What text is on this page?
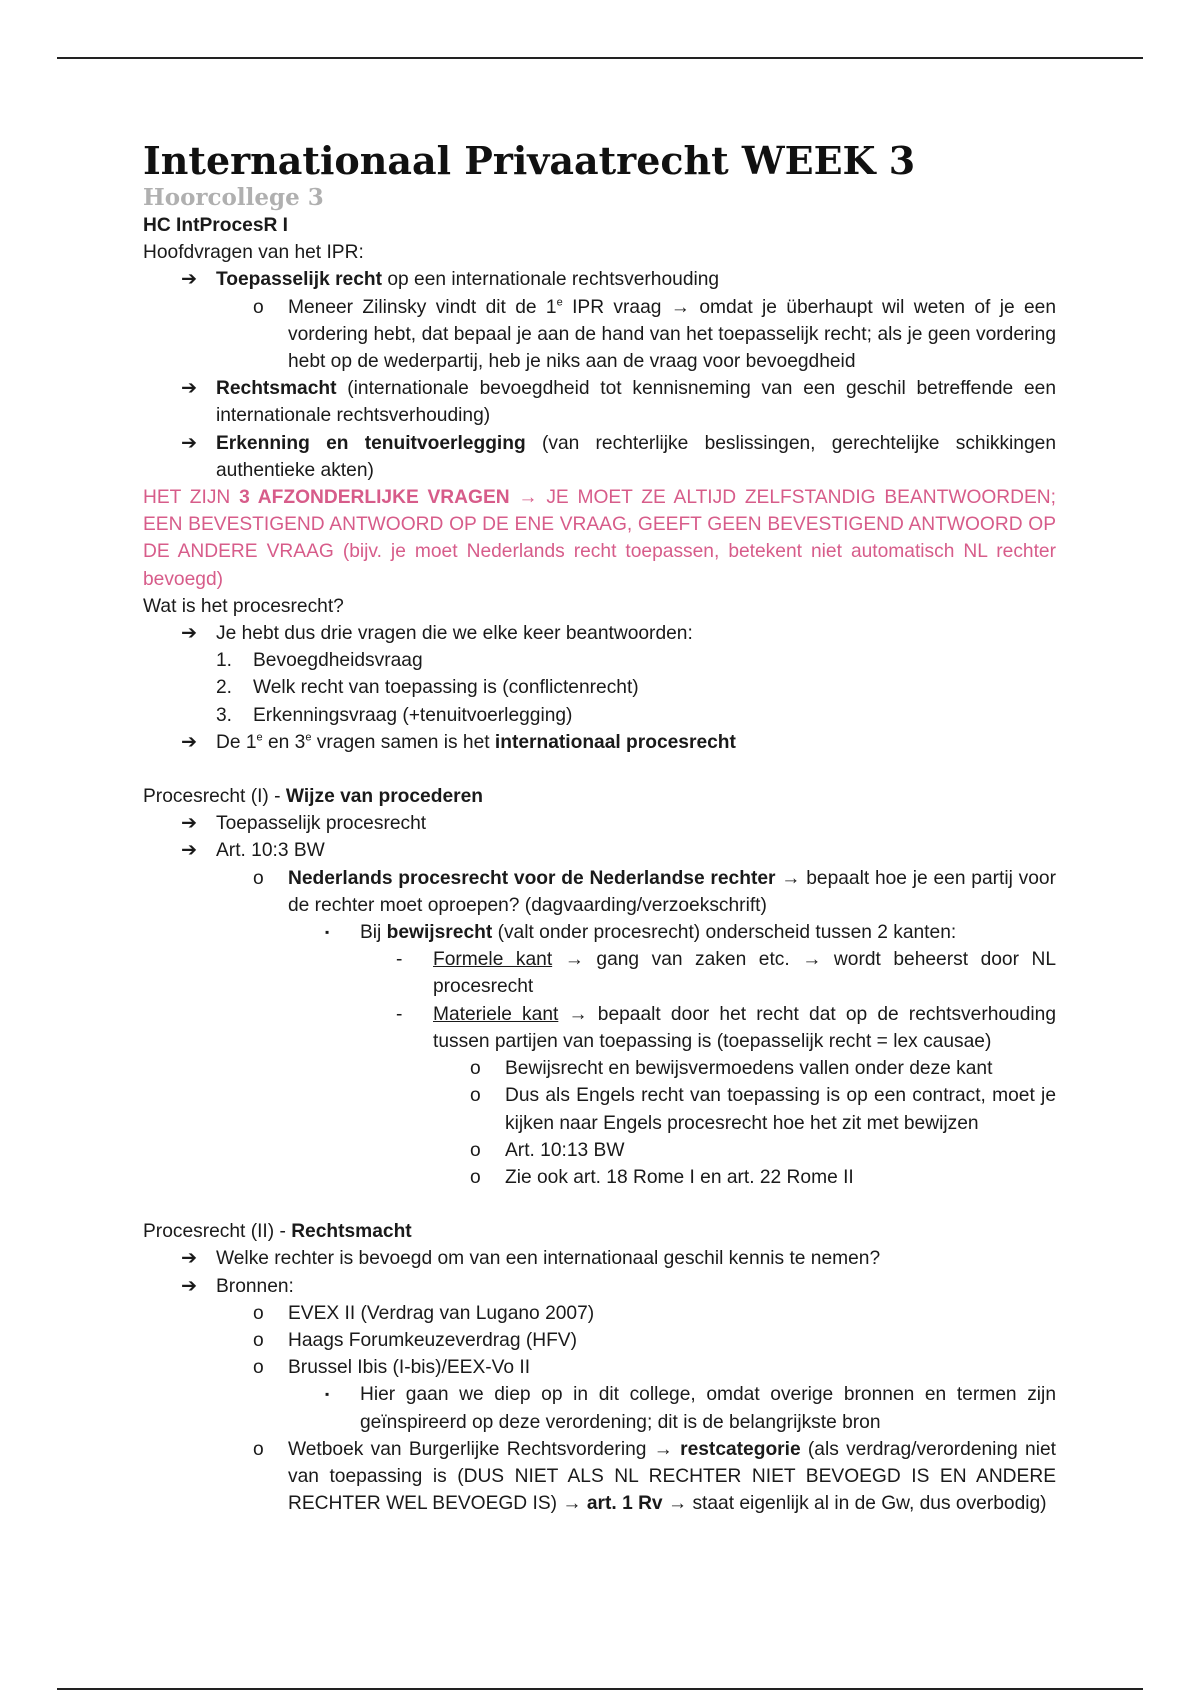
Internationaal Privaatrecht WEEK 3
Hoorcollege 3
HC IntProcesR I
Hoofdvragen van het IPR:
➔ Toepasselijk recht op een internationale rechtsverhouding
o Meneer Zilinsky vindt dit de 1e IPR vraag → omdat je überhaupt wil weten of je een vordering hebt, dat bepaal je aan de hand van het toepasselijk recht; als je geen vordering hebt op de wederpartij, heb je niks aan de vraag voor bevoegdheid
➔ Rechtsmacht (internationale bevoegdheid tot kennisneming van een geschil betreffende een internationale rechtsverhouding)
➔ Erkenning en tenuitvoerlegging (van rechterlijke beslissingen, gerechtelijke schikkingen authentieke akten)
HET ZIJN 3 AFZONDERLIJKE VRAGEN → JE MOET ZE ALTIJD ZELFSTANDIG BEANTWOORDEN; EEN BEVESTIGEND ANTWOORD OP DE ENE VRAAG, GEEFT GEEN BEVESTIGEND ANTWOORD OP DE ANDERE VRAAG (bijv. je moet Nederlands recht toepassen, betekent niet automatisch NL rechter bevoegd)
Wat is het procesrecht?
➔ Je hebt dus drie vragen die we elke keer beantwoorden:
1. Bevoegdheidsvraag
2. Welk recht van toepassing is (conflictenrecht)
3. Erkenningsvraag (+tenuitvoerlegging)
➔ De 1e en 3e vragen samen is het internationaal procesrecht
Procesrecht (I) - Wijze van procederen
➔ Toepasselijk procesrecht
➔ Art. 10:3 BW
o Nederlands procesrecht voor de Nederlandse rechter → bepaalt hoe je een partij voor de rechter moet oproepen? (dagvaarding/verzoekschrift)
▪ Bij bewijsrecht (valt onder procesrecht) onderscheid tussen 2 kanten:
- Formele kant → gang van zaken etc. → wordt beheerst door NL procesrecht
- Materiele kant → bepaalt door het recht dat op de rechtsverhouding tussen partijen van toepassing is (toepasselijk recht = lex causae)
o Bewijsrecht en bewijsvermoedens vallen onder deze kant
o Dus als Engels recht van toepassing is op een contract, moet je kijken naar Engels procesrecht hoe het zit met bewijzen
o Art. 10:13 BW
o Zie ook art. 18 Rome I en art. 22 Rome II
Procesrecht (II) - Rechtsmacht
➔ Welke rechter is bevoegd om van een internationaal geschil kennis te nemen?
➔ Bronnen:
o EVEX II (Verdrag van Lugano 2007)
o Haags Forumkeuzeverdrag (HFV)
o Brussel Ibis (I-bis)/EEX-Vo II
▪ Hier gaan we diep op in dit college, omdat overige bronnen en termen zijn geïnspireerd op deze verordening; dit is de belangrijkste bron
o Wetboek van Burgerlijke Rechtsvordering → restcategorie (als verdrag/verordening niet van toepassing is (DUS NIET ALS NL RECHTER NIET BEVOEGD IS EN ANDERE RECHTER WEL BEVOEGD IS) → art. 1 Rv → staat eigenlijk al in de Gw, dus overbodig)
